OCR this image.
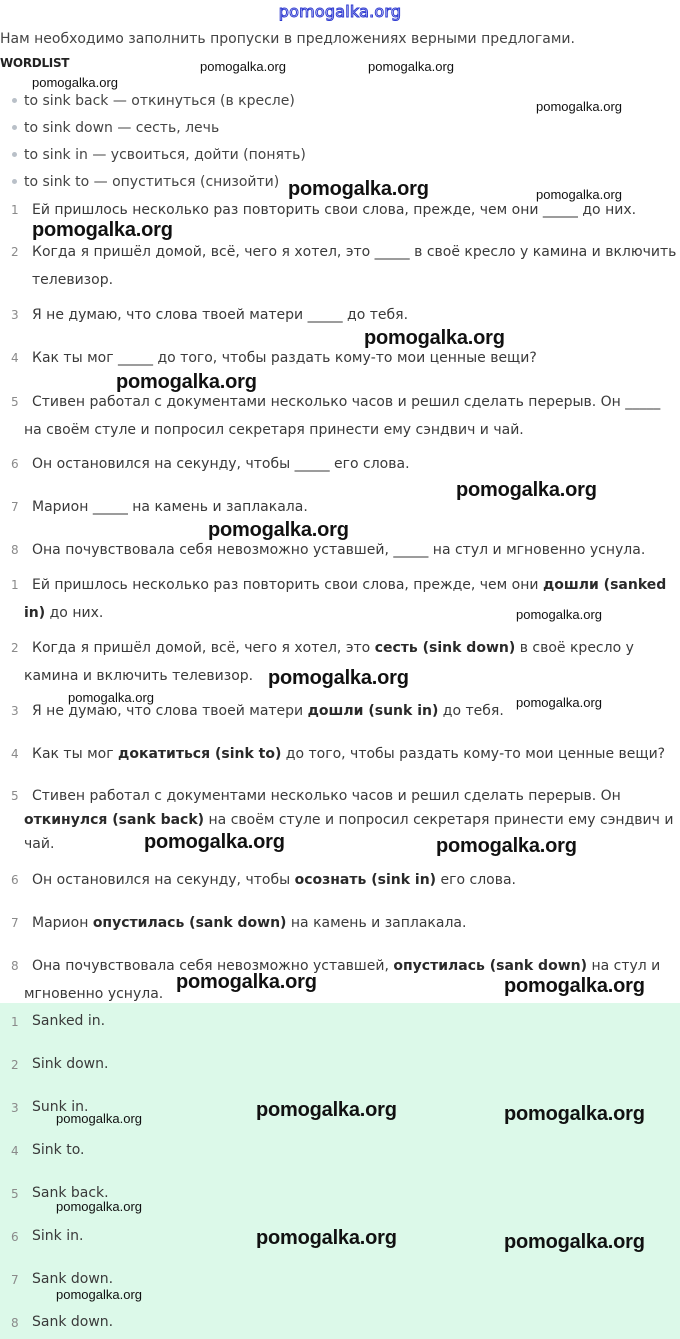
pomogalka.org
Нам необходимо заполнить пропуски в предложениях верными предлогами.
WORDLIST
to sink back — откинуться (в кресле)
to sink down — сесть, лечь
to sink in — усвоиться, дойти (понять)
to sink to — опуститься (снизойти)
1 Ей пришлось несколько раз повторить свои слова, прежде, чем они _____ до них.
2 Когда я пришёл домой, всё, чего я хотел, это _____ в своё кресло у камина и включить телевизор.
3 Я не думаю, что слова твоей матери _____ до тебя.
4 Как ты мог _____ до того, чтобы раздать кому-то мои ценные вещи?
5 Стивен работал с документами несколько часов и решил сделать перерыв. Он _____ на своём стуле и попросил секретаря принести ему сэндвич и чай.
6 Он остановился на секунду, чтобы _____ его слова.
7 Марион _____ на камень и заплакала.
8 Она почувствовала себя невозможно уставшей, _____ на стул и мгновенно уснула.
1 Ей пришлось несколько раз повторить свои слова, прежде, чем они дошли (sanked in) до них.
2 Когда я пришёл домой, всё, чего я хотел, это сесть (sink down) в своё кресло у камина и включить телевизор.
3 Я не думаю, что слова твоей матери дошли (sunk in) до тебя.
4 Как ты мог докатиться (sink to) до того, чтобы раздать кому-то мои ценные вещи?
5 Стивен работал с документами несколько часов и решил сделать перерыв. Он откинулся (sank back) на своём стуле и попросил секретаря принести ему сэндвич и чай.
6 Он остановился на секунду, чтобы осознать (sink in) его слова.
7 Марион опустилась (sank down) на камень и заплакала.
8 Она почувствовала себя невозможно уставшей, опустилась (sank down) на стул и мгновенно уснула.
1 Sanked in.
2 Sink down.
3 Sunk in.
4 Sink to.
5 Sank back.
6 Sink in.
7 Sank down.
8 Sank down.
pomogalka.org	pomogalka.org
pomogalka.org
pomogalka.org
pomogalka.org	pomogalka.org
pomogalka.org
pomogalka.org
pomogalka.org
pomogalka.org
pomogalka.org
pomogalka.org
pomogalka.org
pomogalka.org	pomogalka.org
pomogalka.org	pomogalka.org
pomogalka.org	pomogalka.org
pomogalka.org	pomogalka.org
pomogalka.org
pomogalka.org
pomogalka.org	pomogalka.org
pomogalka.org
